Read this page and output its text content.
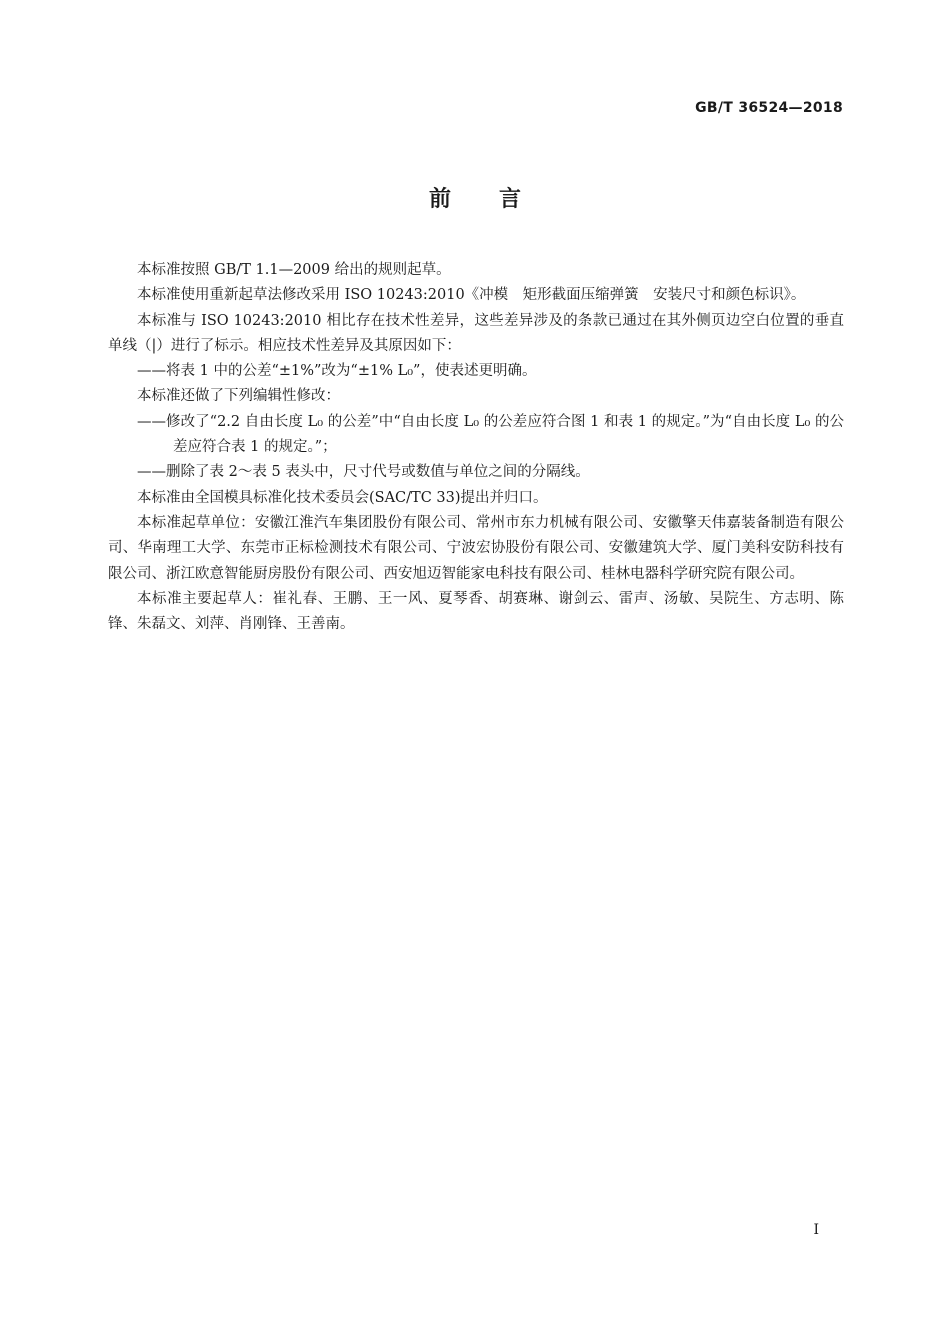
GB/T 36524—2018
前言

本标准按照 GB/T 1.1—2009 给出的规则起草。

本标准使用重新起草法修改采用 ISO 10243:2010《冲模　矩形截面压缩弹簧　安装尺寸和颜色标识》。

本标准与 ISO 10243:2010 相比存在技术性差异，这些差异涉及的条款已通过在其外侧页边空白位置的垂直单线（|）进行了标示。相应技术性差异及其原因如下：

——将表 1 中的公差“±1%”改为“±1% L₀”，使表述更明确。

本标准还做了下列编辑性修改：

——修改了“2.2 自由长度 L₀ 的公差”中“自由长度 L₀ 的公差应符合图 1 和表 1 的规定。”为“自由长度 L₀ 的公差应符合表 1 的规定。”；

——删除了表 2～表 5 表头中，尺寸代号或数值与单位之间的分隔线。

本标准由全国模具标准化技术委员会(SAC/TC 33)提出并归口。

本标准起草单位：安徽江淮汽车集团股份有限公司、常州市东力机械有限公司、安徽擎天伟嘉装备制造有限公司、华南理工大学、东莞市正标检测技术有限公司、宁波宏协股份有限公司、安徽建筑大学、厦门美科安防科技有限公司、浙江欧意智能厨房股份有限公司、西安旭迈智能家电科技有限公司、桂林电器科学研究院有限公司。

本标准主要起草人：崔礼春、王鹏、王一风、夏琴香、胡赛琳、谢剑云、雷声、汤敏、吴院生、方志明、陈锋、朱磊文、刘萍、肖刚锋、王善南。

I
